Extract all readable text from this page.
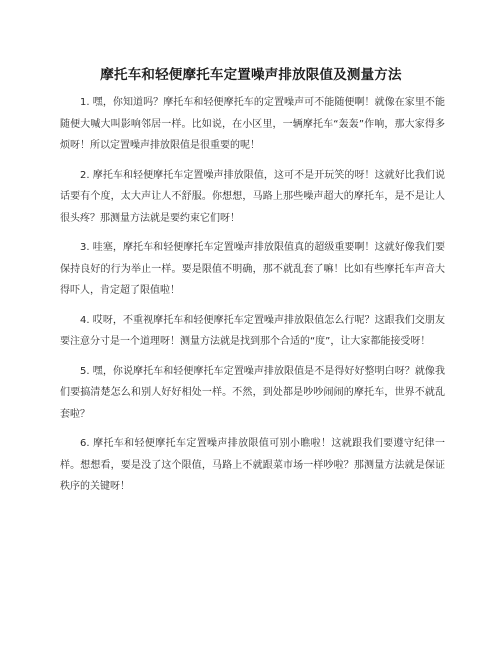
摩托车和轻便摩托车定置噪声排放限值及测量方法

1. 嘿，你知道吗？摩托车和轻便摩托车的定置噪声可不能随便啊！就像在家里不能随便大喊大叫影响邻居一样。比如说，在小区里，一辆摩托车“轰轰”作响，那大家得多烦呀！所以定置噪声排放限值是很重要的呢！

2. 摩托车和轻便摩托车定置噪声排放限值，这可不是开玩笑的呀！这就好比我们说话要有个度，太大声让人不舒服。你想想，马路上那些噪声超大的摩托车，是不是让人很头疼？那测量方法就是要约束它们呀！

3. 哇塞，摩托车和轻便摩托车定置噪声排放限值真的超级重要啊！这就好像我们要保持良好的行为举止一样。要是限值不明确，那不就乱套了嘛！比如有些摩托车声音大得吓人，肯定超了限值啦！

4. 哎呀，不重视摩托车和轻便摩托车定置噪声排放限值怎么行呢？这跟我们交朋友要注意分寸是一个道理呀！测量方法就是找到那个合适的“度”，让大家都能接受呀！

5. 嘿，你说摩托车和轻便摩托车定置噪声排放限值是不是得好好整明白呀？就像我们要搞清楚怎么和别人好好相处一样。不然，到处都是吵吵闹闹的摩托车，世界不就乱套啦？

6. 摩托车和轻便摩托车定置噪声排放限值可别小瞧啦！这就跟我们要遵守纪律一样。想想看，要是没了这个限值，马路上不就跟菜市场一样吵啦？那测量方法就是保证秩序的关键呀！
